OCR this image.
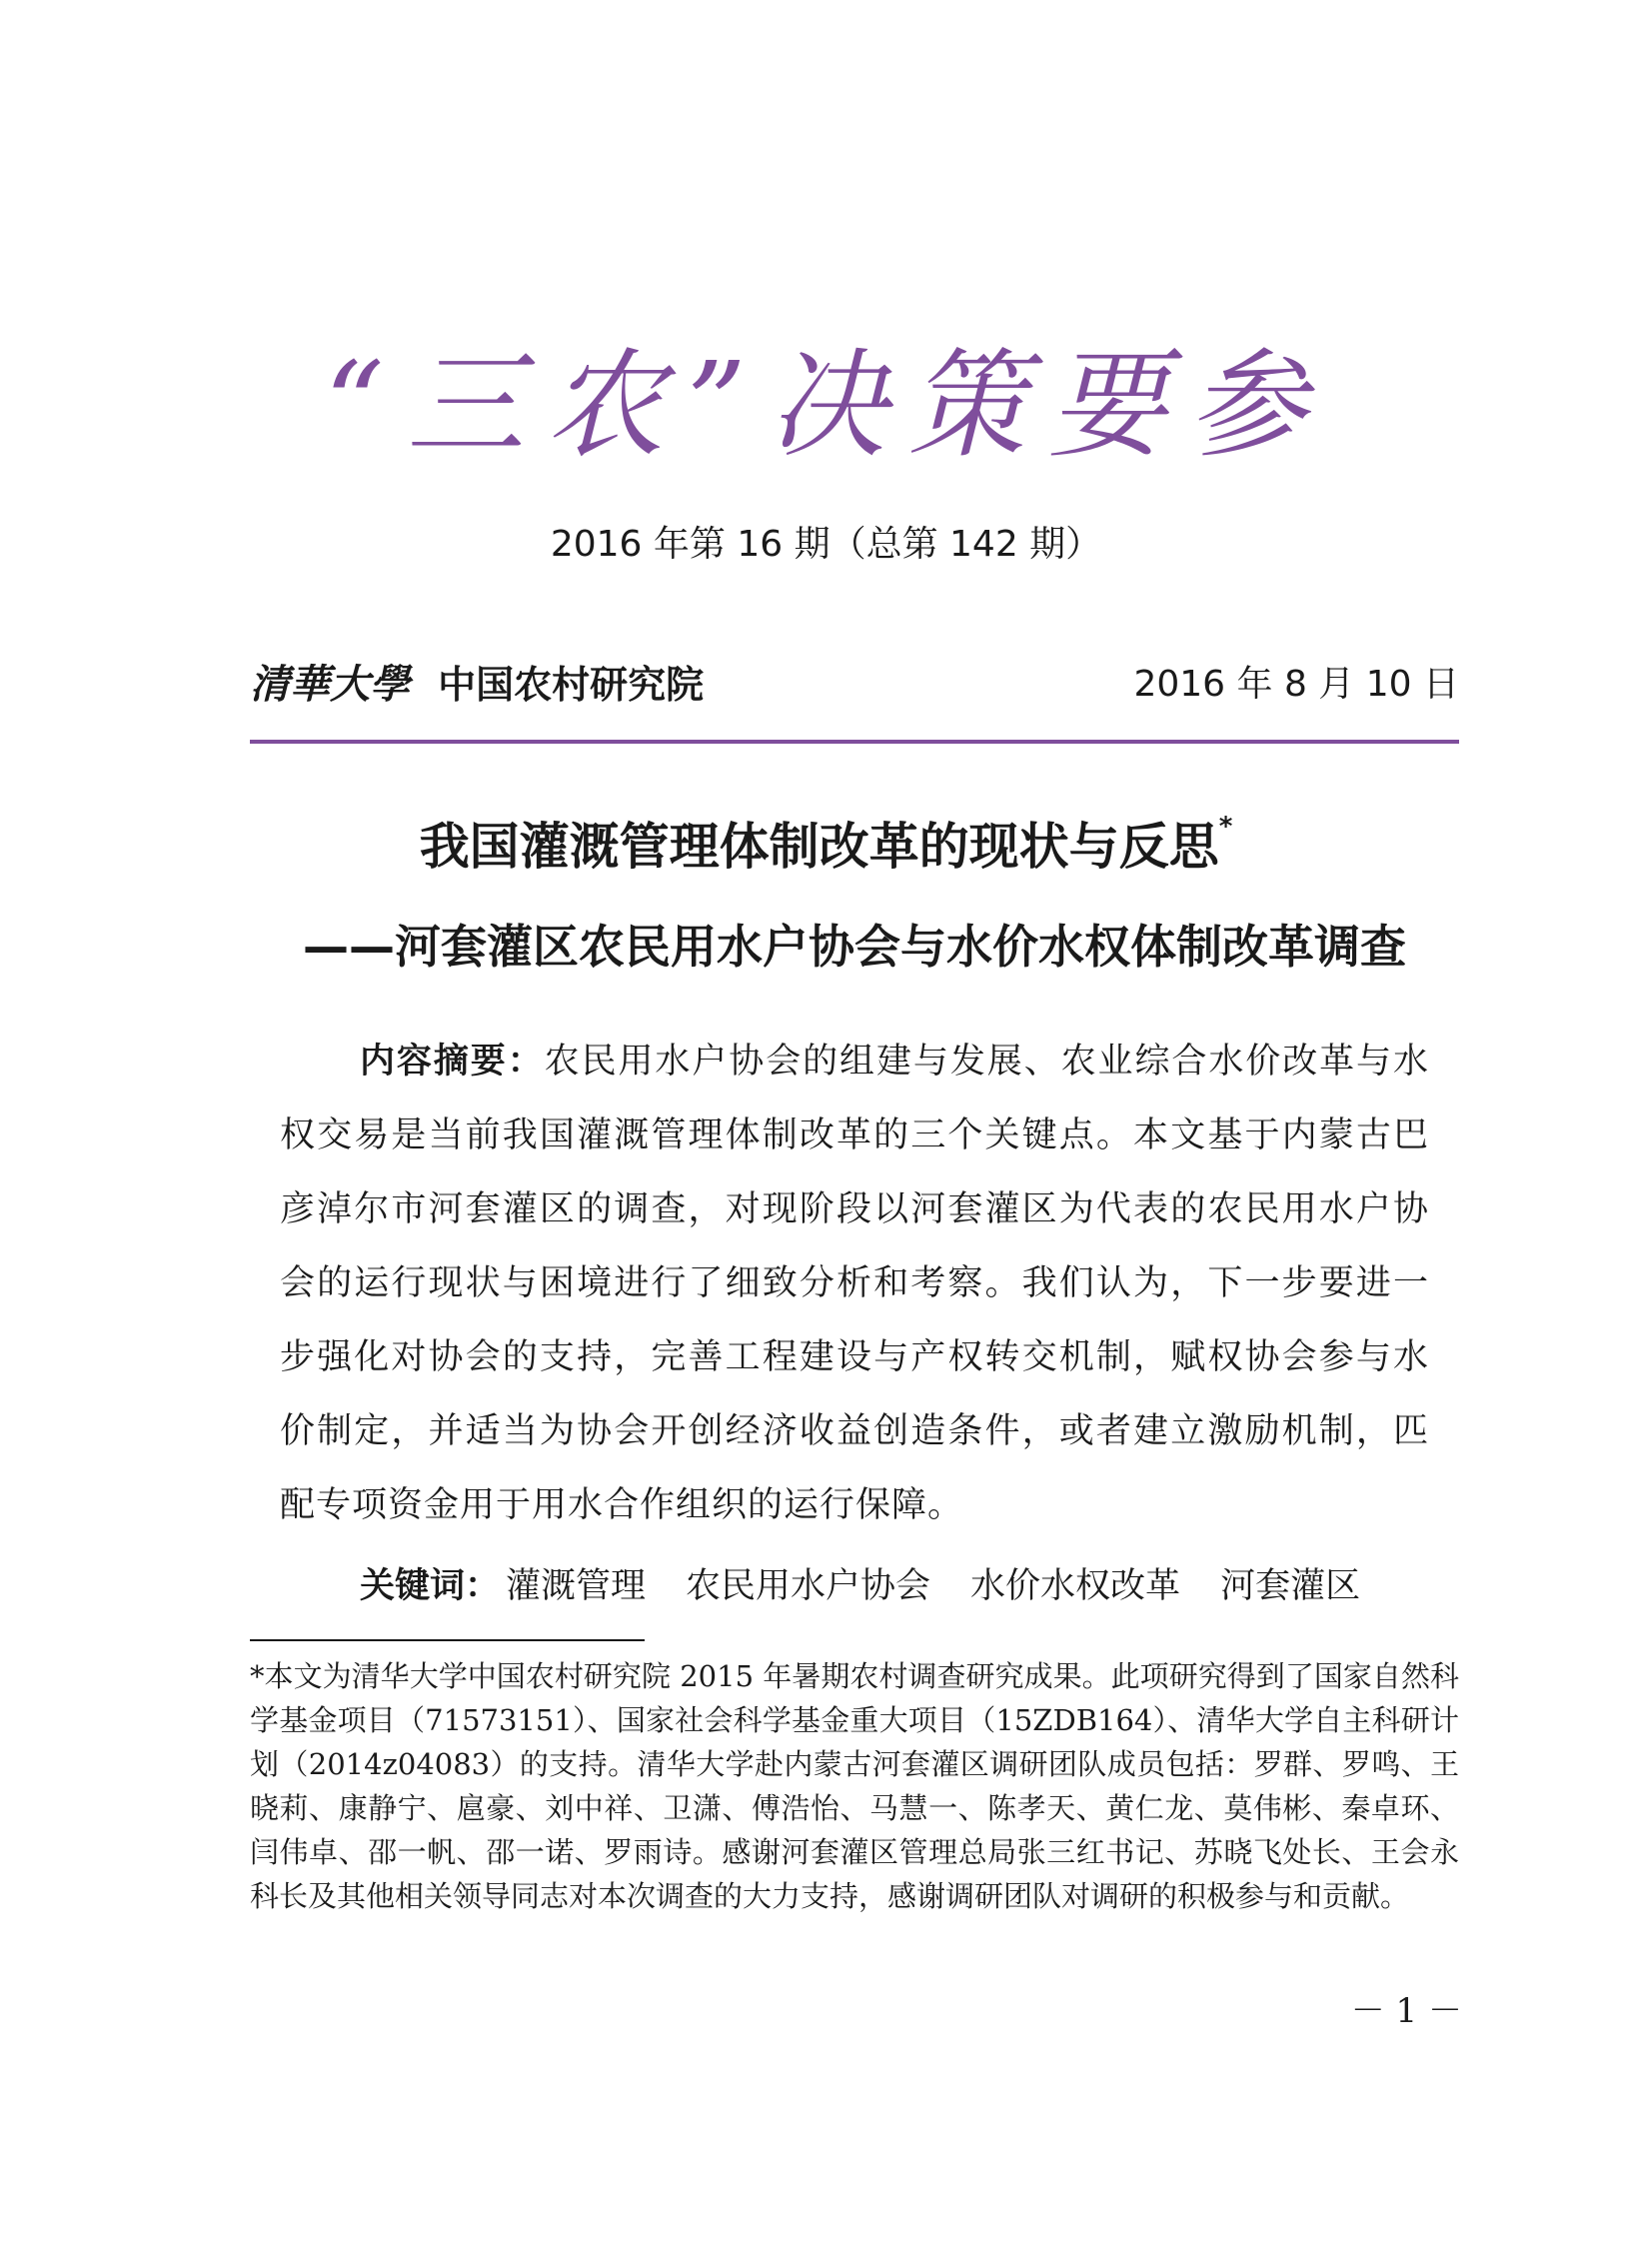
“三农”决策要参
2016 年第 16 期（总第 142 期）
清華大學 中国农村研究院	2016 年 8 月 10 日
我国灌溉管理体制改革的现状与反思*
——河套灌区农民用水户协会与水价水权体制改革调查
内容摘要：农民用水户协会的组建与发展、农业综合水价改革与水权交易是当前我国灌溉管理体制改革的三个关键点。本文基于内蒙古巴彦淖尔市河套灌区的调查，对现阶段以河套灌区为代表的农民用水户协会的运行现状与困境进行了细致分析和考察。我们认为，下一步要进一步强化对协会的支持，完善工程建设与产权转交机制，赋权协会参与水价制定，并适当为协会开创经济收益创造条件，或者建立激励机制，匹配专项资金用于用水合作组织的运行保障。
关键词： 灌溉管理 农民用水户协会 水价水权改革 河套灌区
*本文为清华大学中国农村研究院 2015 年暑期农村调查研究成果。此项研究得到了国家自然科学基金项目（71573151）、国家社会科学基金重大项目（15ZDB164）、清华大学自主科研计划（2014z04083）的支持。清华大学赴内蒙古河套灌区调研团队成员包括：罗群、罗鸣、王晓莉、康静宁、扈豪、刘中祥、卫潇、傅浩怡、马慧一、陈孝天、黄仁龙、莫伟彬、秦卓环、闫伟卓、邵一帆、邵一诺、罗雨诗。感谢河套灌区管理总局张三红书记、苏晓飞处长、王会永科长及其他相关领导同志对本次调查的大力支持，感谢调研团队对调研的积极参与和贡献。
－ 1 －
